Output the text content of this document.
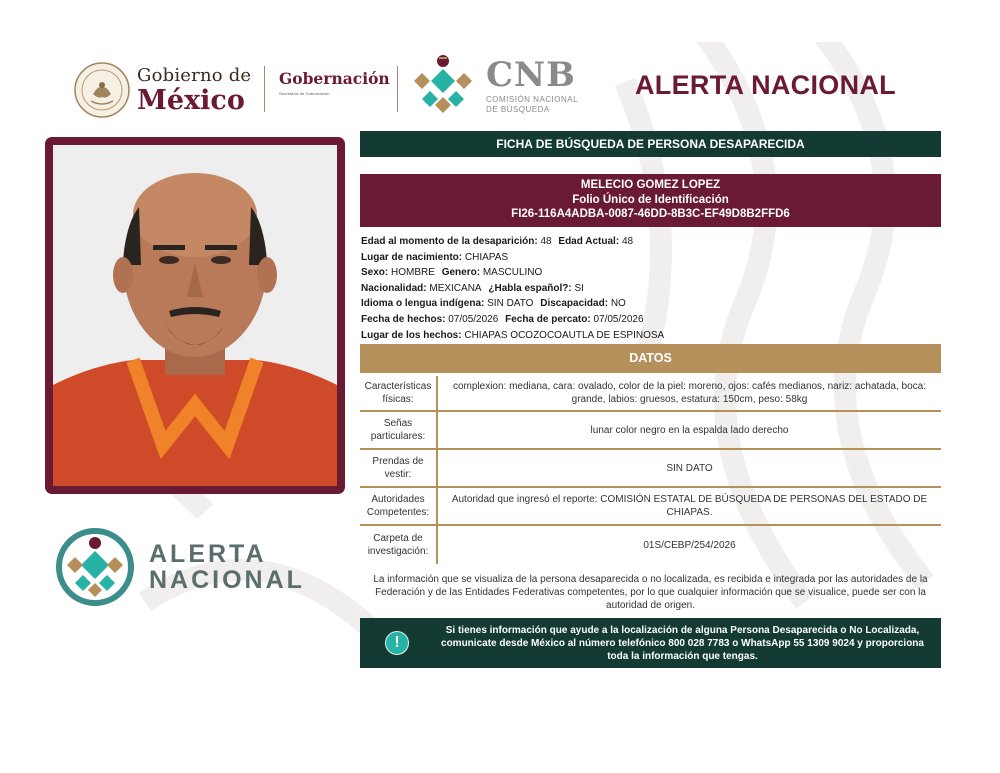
Gobierno de
México
Gobernación
Secretaría de Gobernación	CNB
COMISIÓN NACIONAL
DE BÚSQUEDA
ALERTA NACIONAL
ALERTA
NACIONAL
FICHA DE BÚSQUEDA DE PERSONA DESAPARECIDA
MELECIO GOMEZ LOPEZ
Folio Único de Identificación
FI26-116A4ADBA-0087-46DD-8B3C-EF49D8B2FFD6
Edad al momento de la desaparición: 48 Edad Actual: 48
Lugar de nacimiento: CHIAPAS
Sexo: HOMBRE Genero: MASCULINO
Nacionalidad: MEXICANA ¿Habla español?: SI
Idioma o lengua indígena: SIN DATO Discapacidad: NO
Fecha de hechos: 07/05/2026 Fecha de percato: 07/05/2026
Lugar de los hechos: CHIAPAS OCOZOCOAUTLA DE ESPINOSA
DATOS
Características físicas:
complexion: mediana, cara: ovalado, color de la piel: moreno, ojos: cafés medianos, nariz: achatada, boca: grande, labios: gruesos, estatura: 150cm, peso: 58kg
Señas particulares:
lunar color negro en la espalda lado derecho
Prendas de vestir:
SIN DATO
Autoridades Competentes:
Autoridad que ingresó el reporte: COMISIÓN ESTATAL DE BÚSQUEDA DE PERSONAS DEL ESTADO DE CHIAPAS.
Carpeta de investigación:
01S/CEBP/254/2026
La información que se visualiza de la persona desaparecida o no localizada, es recibida e integrada por las autoridades de la Federación y de las Entidades Federativas competentes, por lo que cualquier información que se visualice, puede ser con la autoridad de origen.
!
Si tienes información que ayude a la localización de alguna Persona Desaparecida o No Localizada, comunicate desde México al número telefónico 800 028 7783 o WhatsApp 55 1309 9024 y proporciona toda la información que tengas.
